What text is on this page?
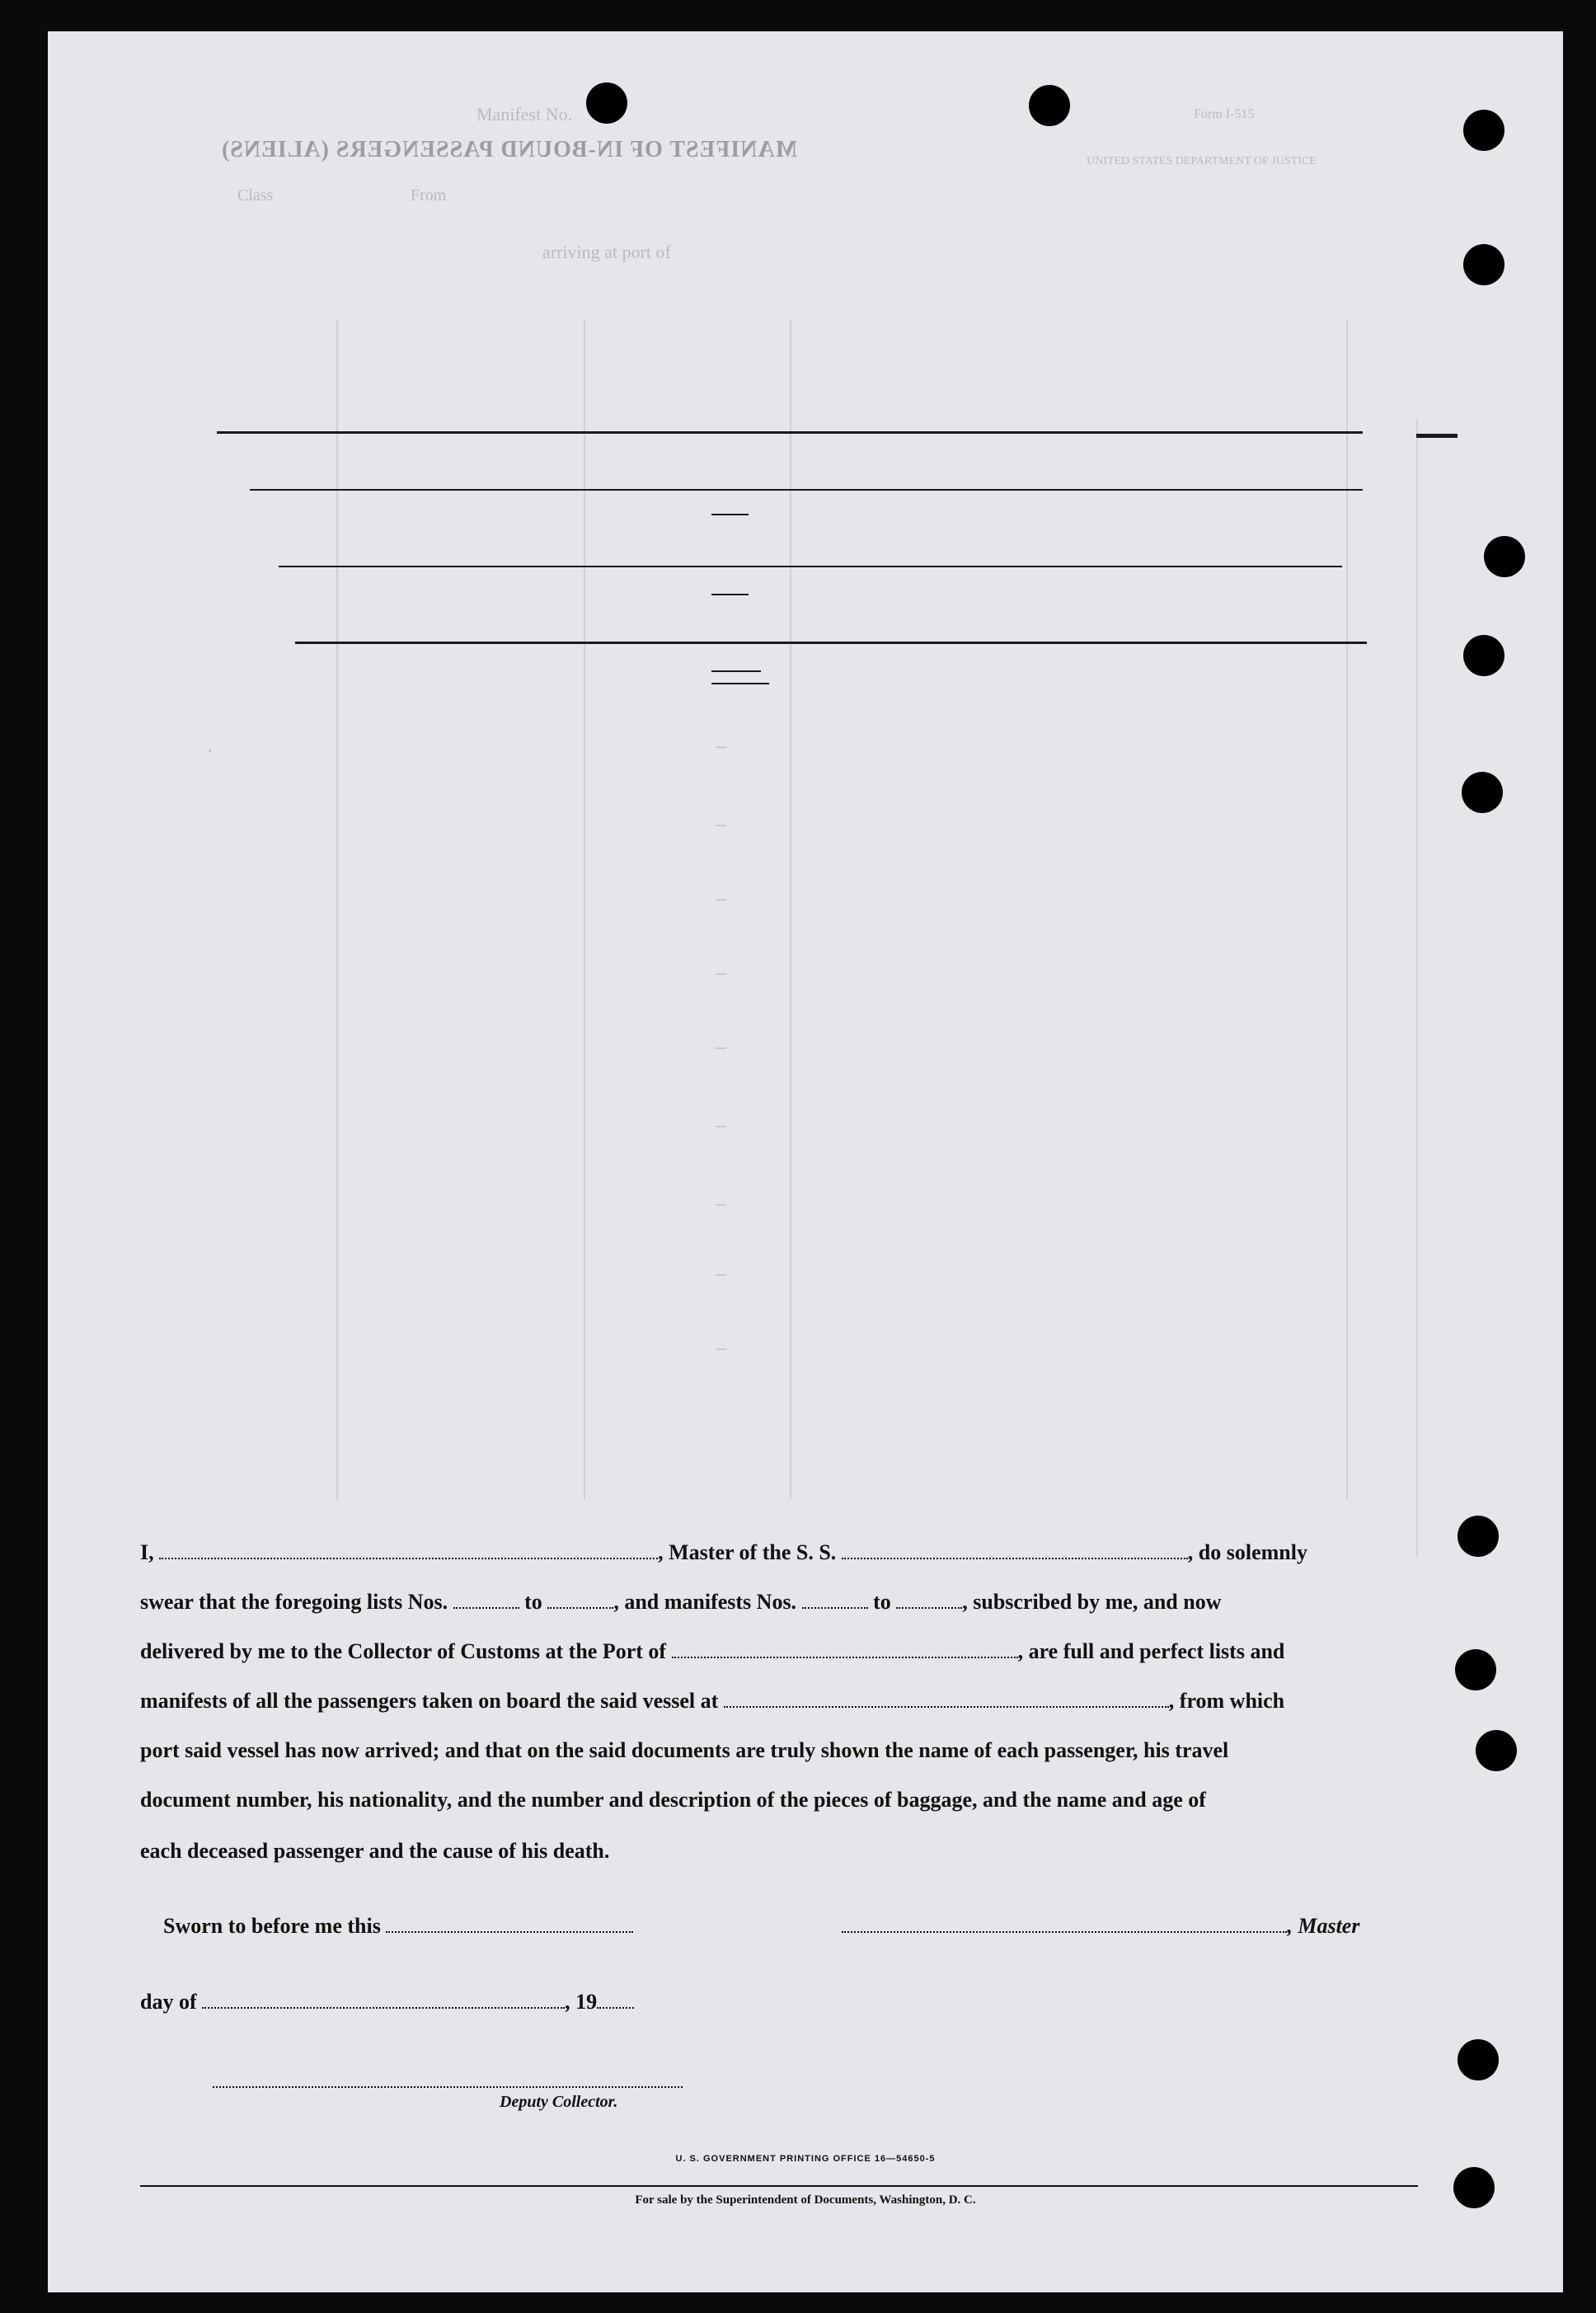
MANIFEST OF IN-BOUND PASSENGERS (ALIENS)
Manifest No.	Form I-515
UNITED STATES DEPARTMENT OF JUSTICE
Class	From
arriving at port of
.	—
—
—
—
—
—
—
—
—
I,	, Master of the S. S.	, do solemnly
swear that the foregoing lists Nos.	to	, and manifests Nos.	to	, subscribed by me, and now
delivered by me to the Collector of Customs at the Port of	, are full and perfect lists and
manifests of all the passengers taken on board the said vessel at	, from which
port said vessel has now arrived; and that on the said documents are truly shown the name of each passenger, his travel
document number, his nationality, and the number and description of the pieces of baggage, and the name and age of
each deceased passenger and the cause of his death.
Sworn to before me this	, Master
day of	, 19
Deputy Collector.
U. S. GOVERNMENT PRINTING OFFICE 16—54650-5
For sale by the Superintendent of Documents, Washington, D. C.
